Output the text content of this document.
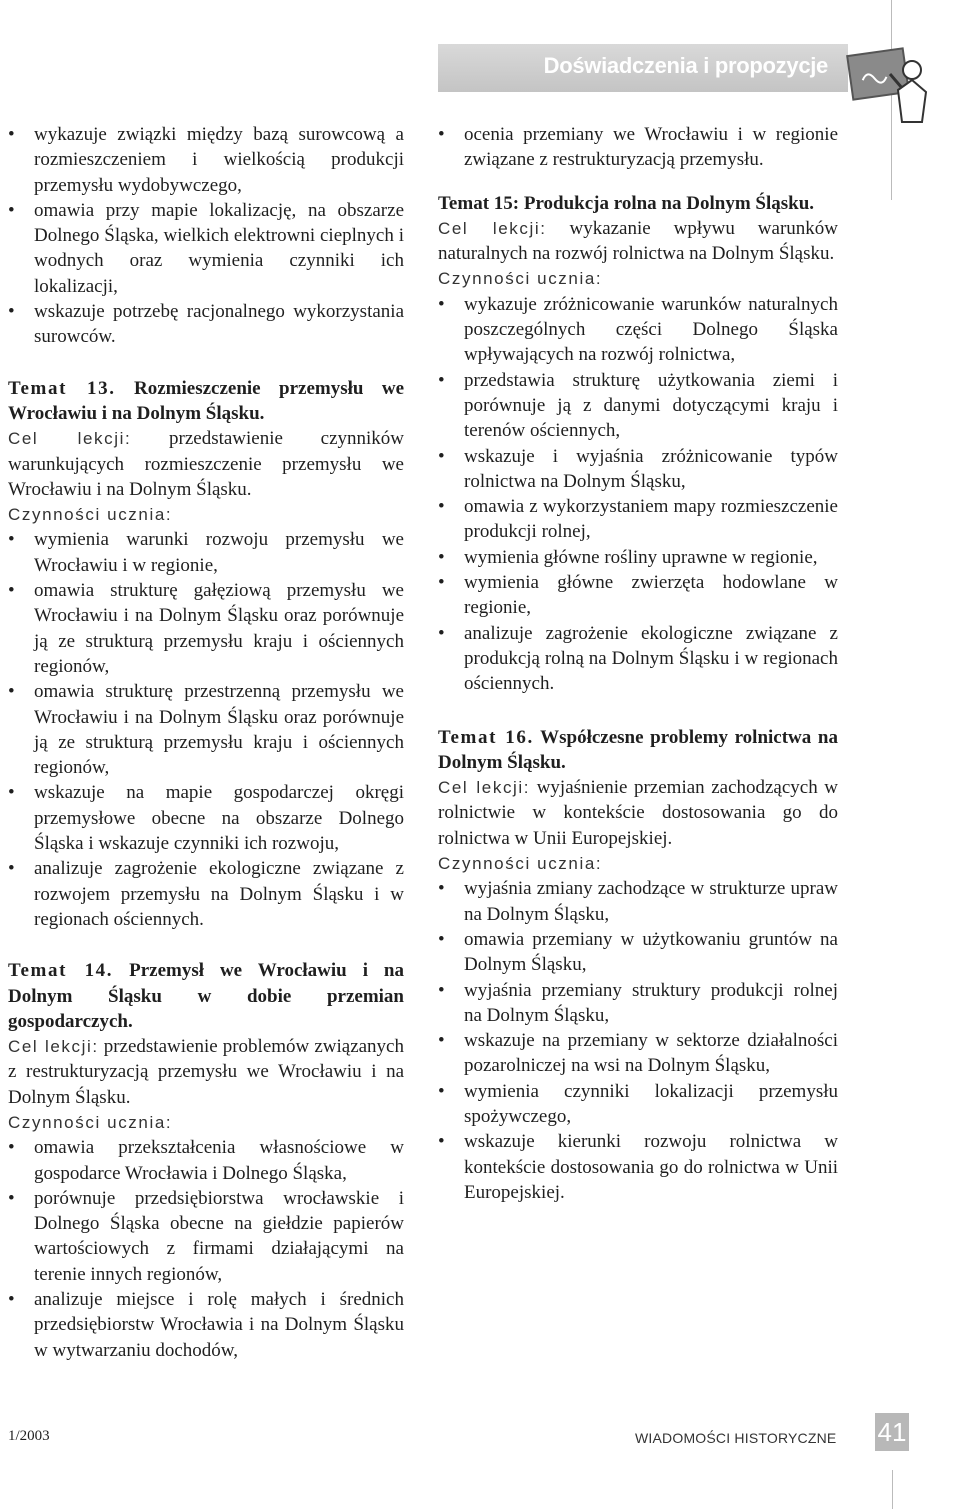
Doświadczenia i propozycje
• wykazuje związki między bazą surowcową a rozmieszczeniem i wielkością produkcji przemysłu wydobywczego,
• omawia przy mapie lokalizację, na obszarze Dolnego Śląska, wielkich elektrowni cieplnych i wodnych oraz wymienia czynniki ich lokalizacji,
• wskazuje potrzebę racjonalnego wykorzystania surowców.

Temat 13. Rozmieszczenie przemysłu we Wrocławiu i na Dolnym Śląsku.

Cel lekcji: przedstawienie czynników warunkujących rozmieszczenie przemysłu we Wrocławiu i na Dolnym Śląsku.

Czynności ucznia:

• wymienia warunki rozwoju przemysłu we Wrocławiu i w regionie,
• omawia strukturę gałęziową przemysłu we Wrocławiu i na Dolnym Śląsku oraz porównuje ją ze strukturą przemysłu kraju i ościennych regionów,
• omawia strukturę przestrzenną przemysłu we Wrocławiu i na Dolnym Śląsku oraz porównuje ją ze strukturą przemysłu kraju i ościennych regionów,
• wskazuje na mapie gospodarczej okręgi przemysłowe obecne na obszarze Dolnego Śląska i wskazuje czynniki ich rozwoju,
• analizuje zagrożenie ekologiczne związane z rozwojem przemysłu na Dolnym Śląsku i w regionach ościennych.

Temat 14. Przemysł we Wrocławiu i na Dolnym Śląsku w dobie przemian gospodarczych.

Cel lekcji: przedstawienie problemów związanych z restrukturyzacją przemysłu we Wrocławiu i na Dolnym Śląsku.

Czynności ucznia:

• omawia przekształcenia własnościowe w gospodarce Wrocławia i Dolnego Śląska,
• porównuje przedsiębiorstwa wrocławskie i Dolnego Śląska obecne na giełdzie papierów wartościowych z firmami działającymi na terenie innych regionów,
• analizuje miejsce i rolę małych i średnich przedsiębiorstw Wrocławia i na Dolnym Śląsku w wytwarzaniu dochodów,
• ocenia przemiany we Wrocławiu i w regionie związane z restrukturyzacją przemysłu.

Temat 15: Produkcja rolna na Dolnym Śląsku.

Cel lekcji: wykazanie wpływu warunków naturalnych na rozwój rolnictwa na Dolnym Śląsku.

Czynności ucznia:

• wykazuje zróżnicowanie warunków naturalnych poszczególnych części Dolnego Śląska wpływających na rozwój rolnictwa,
• przedstawia strukturę użytkowania ziemi i porównuje ją z danymi dotyczącymi kraju i terenów ościennych,
• wskazuje i wyjaśnia zróżnicowanie typów rolnictwa na Dolnym Śląsku,
• omawia z wykorzystaniem mapy rozmieszczenie produkcji rolnej,
• wymienia główne rośliny uprawne w regionie,
• wymienia główne zwierzęta hodowlane w regionie,
• analizuje zagrożenie ekologiczne związane z produkcją rolną na Dolnym Śląsku i w regionach ościennych.

Temat 16. Współczesne problemy rolnictwa na Dolnym Śląsku.

Cel lekcji: wyjaśnienie przemian zachodzących w rolnictwie w kontekście dostosowania go do rolnictwa w Unii Europejskiej.

Czynności ucznia:

• wyjaśnia zmiany zachodzące w strukturze upraw na Dolnym Śląsku,
• omawia przemiany w użytkowaniu gruntów na Dolnym Śląsku,
• wyjaśnia przemiany struktury produkcji rolnej na Dolnym Śląsku,
• wskazuje na przemiany w sektorze działalności pozarolniczej na wsi na Dolnym Śląsku,
• wymienia czynniki lokalizacji przemysłu spożywczego,
• wskazuje kierunki rozwoju rolnictwa w kontekście dostosowania go do rolnictwa w Unii Europejskiej.
1/2003	WIADOMOŚCI HISTORYCZNE 41
